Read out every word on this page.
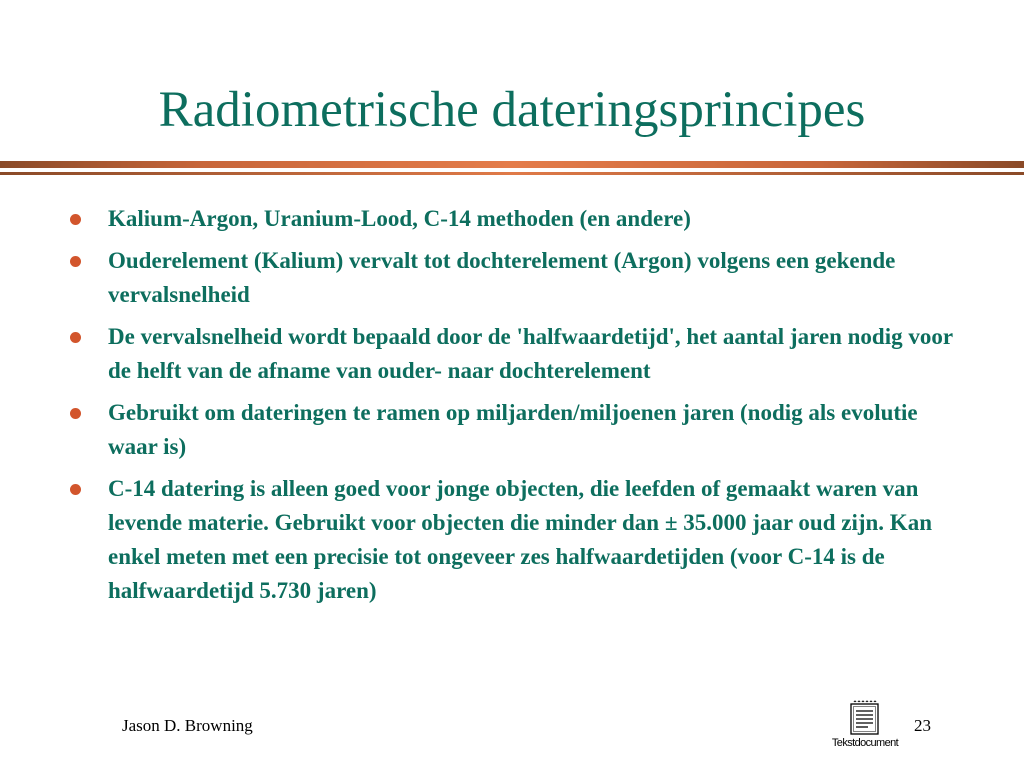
Radiometrische dateringsprincipes
Kalium-Argon, Uranium-Lood, C-14 methoden (en andere)
Ouderelement (Kalium) vervalt tot dochterelement (Argon) volgens een gekende vervalsnelheid
De vervalsnelheid wordt bepaald door de 'halfwaardetijd', het aantal jaren nodig voor de helft van de afname van ouder- naar dochterelement
Gebruikt om dateringen te ramen op miljarden/miljoenen jaren (nodig als evolutie waar is)
C-14 datering is alleen goed voor jonge objecten, die leefden of gemaakt waren van levende materie. Gebruikt voor objecten die minder dan ± 35.000 jaar oud zijn. Kan enkel meten met een precisie tot ongeveer zes halfwaardetijden (voor C-14 is de halfwaardetijd 5.730 jaren)
Jason D. Browning
Tekstdocument
23
